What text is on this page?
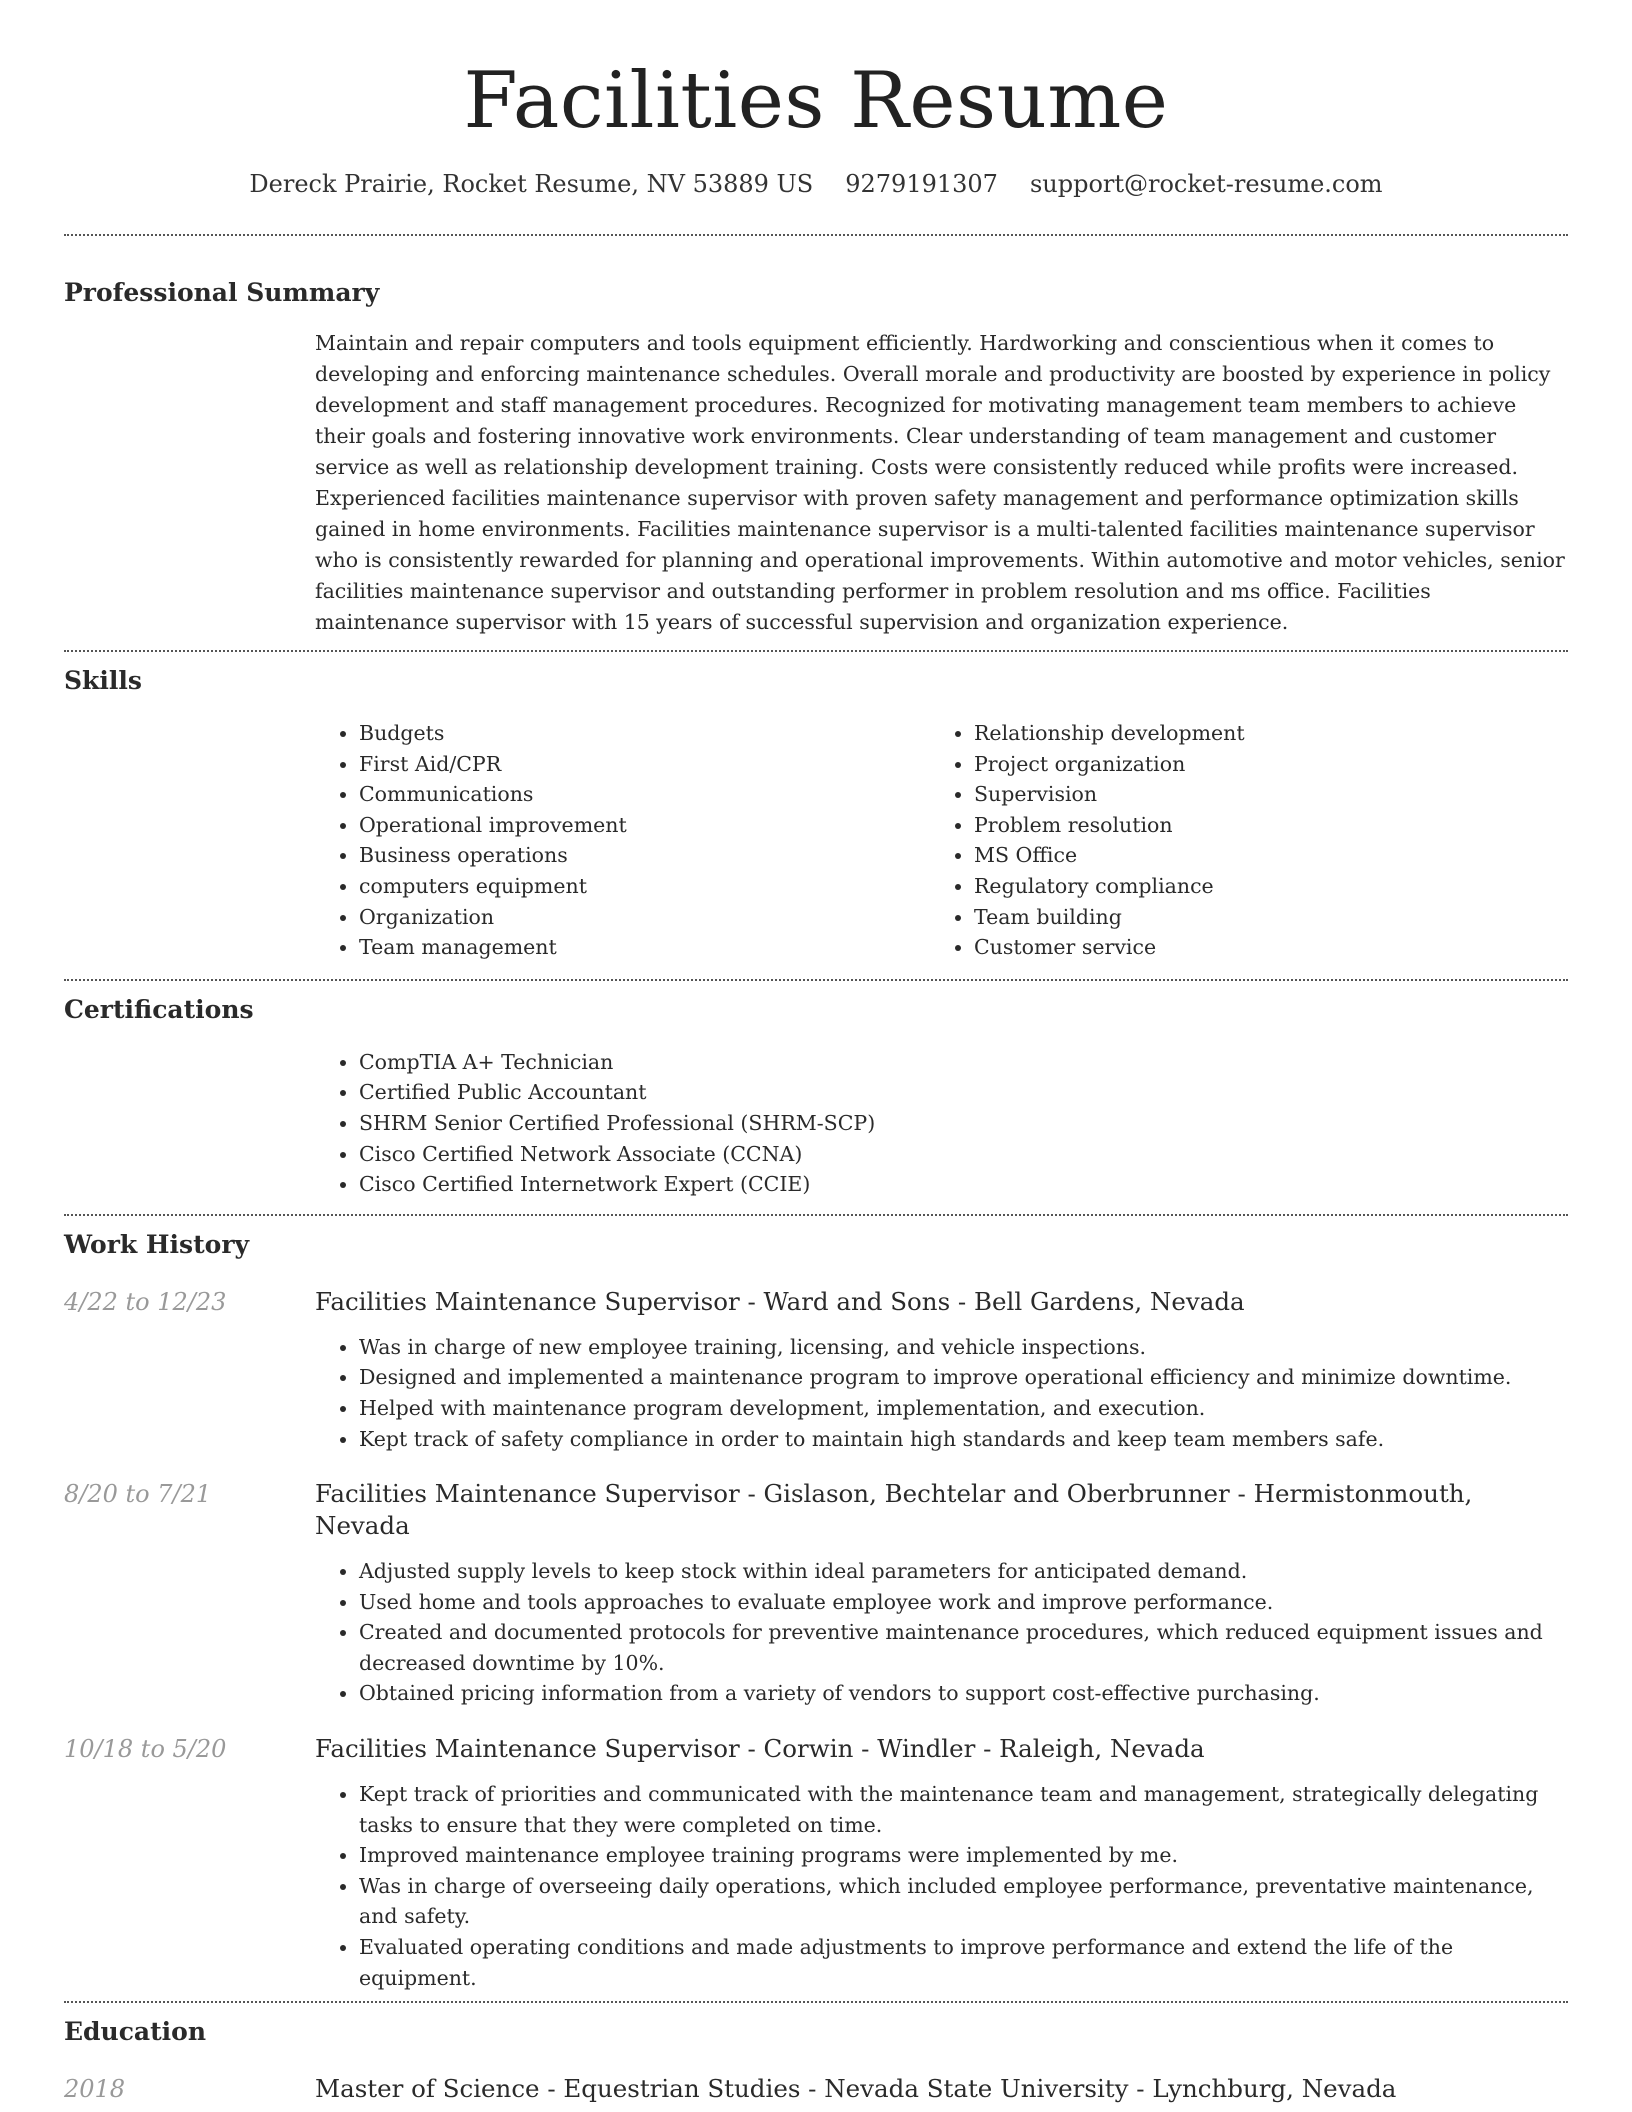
Facilities Resume
Dereck Prairie, Rocket Resume, NV 53889 US 9279191307 support@rocket-resume.com
Professional Summary

Maintain and repair computers and tools equipment efficiently. Hardworking and conscientious when it comes to developing and enforcing maintenance schedules. Overall morale and productivity are boosted by experience in policy development and staff management procedures. Recognized for motivating management team members to achieve their goals and fostering innovative work environments. Clear understanding of team management and customer service as well as relationship development training. Costs were consistently reduced while profits were increased. Experienced facilities maintenance supervisor with proven safety management and performance optimization skills gained in home environments. Facilities maintenance supervisor is a multi-talented facilities maintenance supervisor who is consistently rewarded for planning and operational improvements. Within automotive and motor vehicles, senior facilities maintenance supervisor and outstanding performer in problem resolution and ms office. Facilities maintenance supervisor with 15 years of successful supervision and organization experience.

Skills
• Budgets
• First Aid/CPR
• Communications
• Operational improvement
• Business operations
• computers equipment
• Organization
• Team management
• Relationship development
• Project organization
• Supervision
• Problem resolution
• MS Office
• Regulatory compliance
• Team building
• Customer service
Certifications
• CompTIA A+ Technician
• Certified Public Accountant
• SHRM Senior Certified Professional (SHRM-SCP)
• Cisco Certified Network Associate (CCNA)
• Cisco Certified Internetwork Expert (CCIE)
Work History
4/22 to 12/23	Facilities Maintenance Supervisor - Ward and Sons - Bell Gardens, Nevada
• Was in charge of new employee training, licensing, and vehicle inspections.
• Designed and implemented a maintenance program to improve operational efficiency and minimize downtime.
• Helped with maintenance program development, implementation, and execution.
• Kept track of safety compliance in order to maintain high standards and keep team members safe.
8/20 to 7/21	Facilities Maintenance Supervisor - Gislason, Bechtelar and Oberbrunner - Hermistonmouth, Nevada
• Adjusted supply levels to keep stock within ideal parameters for anticipated demand.
• Used home and tools approaches to evaluate employee work and improve performance.
• Created and documented protocols for preventive maintenance procedures, which reduced equipment issues and decreased downtime by 10%.
• Obtained pricing information from a variety of vendors to support cost-effective purchasing.
10/18 to 5/20	Facilities Maintenance Supervisor - Corwin - Windler - Raleigh, Nevada
• Kept track of priorities and communicated with the maintenance team and management, strategically delegating tasks to ensure that they were completed on time.
• Improved maintenance employee training programs were implemented by me.
• Was in charge of overseeing daily operations, which included employee performance, preventative maintenance, and safety.
• Evaluated operating conditions and made adjustments to improve performance and extend the life of the equipment.
Education
2018	Master of Science - Equestrian Studies - Nevada State University - Lynchburg, Nevada
